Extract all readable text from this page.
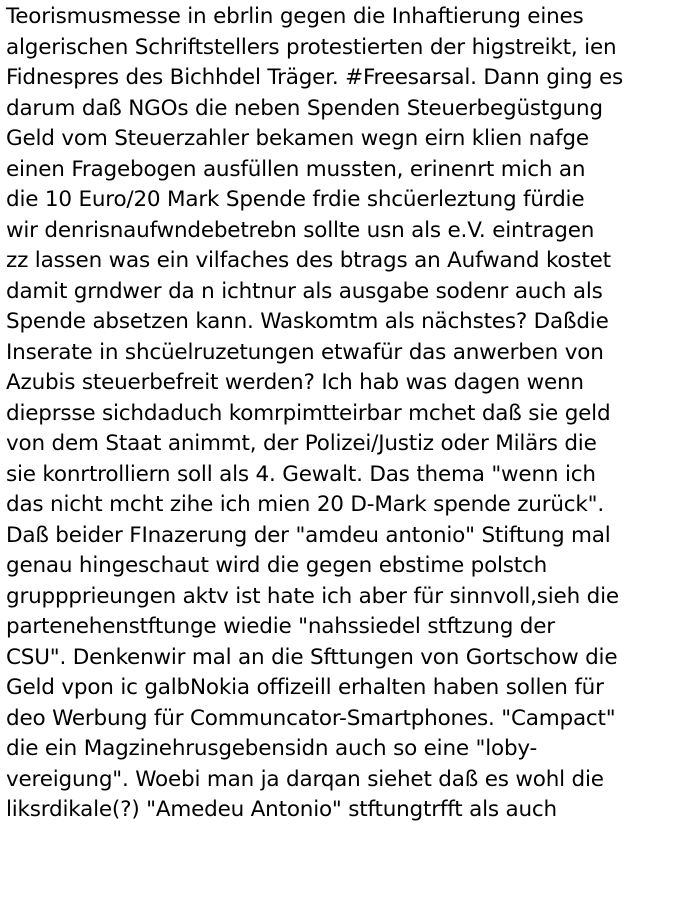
Teorismusmesse in ebrlin gegen die Inhaftierung eines
algerischen Schriftstellers protestierten der higstreikt, ien
Fidnespres des Bichhdel Träger. #Freesarsal. Dann ging es
darum daß NGOs die neben Spenden Steuerbegüstgung
Geld vom Steuerzahler bekamen wegn eirn klien nafge
einen Fragebogen ausfüllen mussten, erinenrt mich an
die 10 Euro/20 Mark Spende frdie shcüerleztung fürdie
wir denrisnaufwndebetrebn sollte usn als e.V. eintragen
zz lassen was ein vilfaches des btrags an Aufwand kostet
damit grndwer da n ichtnur als ausgabe sodenr auch als
Spende absetzen kann. Waskomtm als nächstes? Daßdie
Inserate in shcüelruzetungen etwafür das anwerben von
Azubis steuerbefreit werden? Ich hab was dagen wenn
dieprsse sichdaduch komrpimtteirbar mchet daß sie geld
von dem Staat animmt, der Polizei/Justiz oder Milärs die
sie konrtrolliern soll als 4. Gewalt. Das thema "wenn ich
das nicht mcht zihe ich mien 20 D-Mark spende zurück".
Daß beider FInazerung der "amdeu antonio" Stiftung mal
genau hingeschaut wird die gegen ebstime polstch
gruppprieungen aktv ist hate ich aber für sinnvoll,sieh die
partenehenstftunge wiedie "nahssiedel stftzung der
CSU". Denkenwir mal an die Sfttungen von Gortschow die
Geld vpon ic galbNokia offizeill erhalten haben sollen für
deo Werbung für Communcator-Smartphones. "Campact"
die ein Magzinehrusgebensidn auch so eine "loby-
vereigung". Woebi man ja darqan siehet daß es wohl die
liksrdikale(?) "Amedeu Antonio" stftungtrfft als auch
